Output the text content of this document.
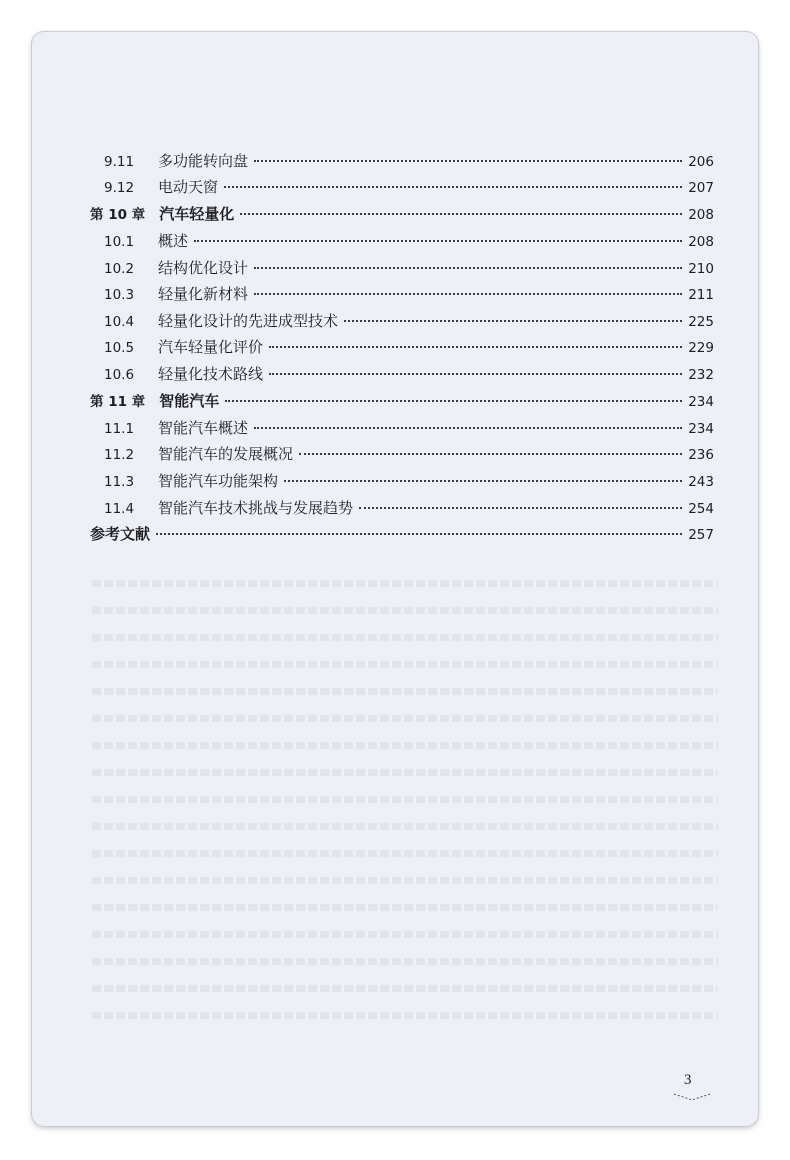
9.11	多功能转向盘	206
9.12	电动天窗	207
第 10 章 汽车轻量化	208
10.1	概述	208
10.2	结构优化设计	210
10.3	轻量化新材料	211
10.4	轻量化设计的先进成型技术	225
10.5	汽车轻量化评价	229
10.6	轻量化技术路线	232
第 11 章 智能汽车	234
11.1	智能汽车概述	234
11.2	智能汽车的发展概况	236
11.3	智能汽车功能架构	243
11.4	智能汽车技术挑战与发展趋势	254
参考文献	257
3
